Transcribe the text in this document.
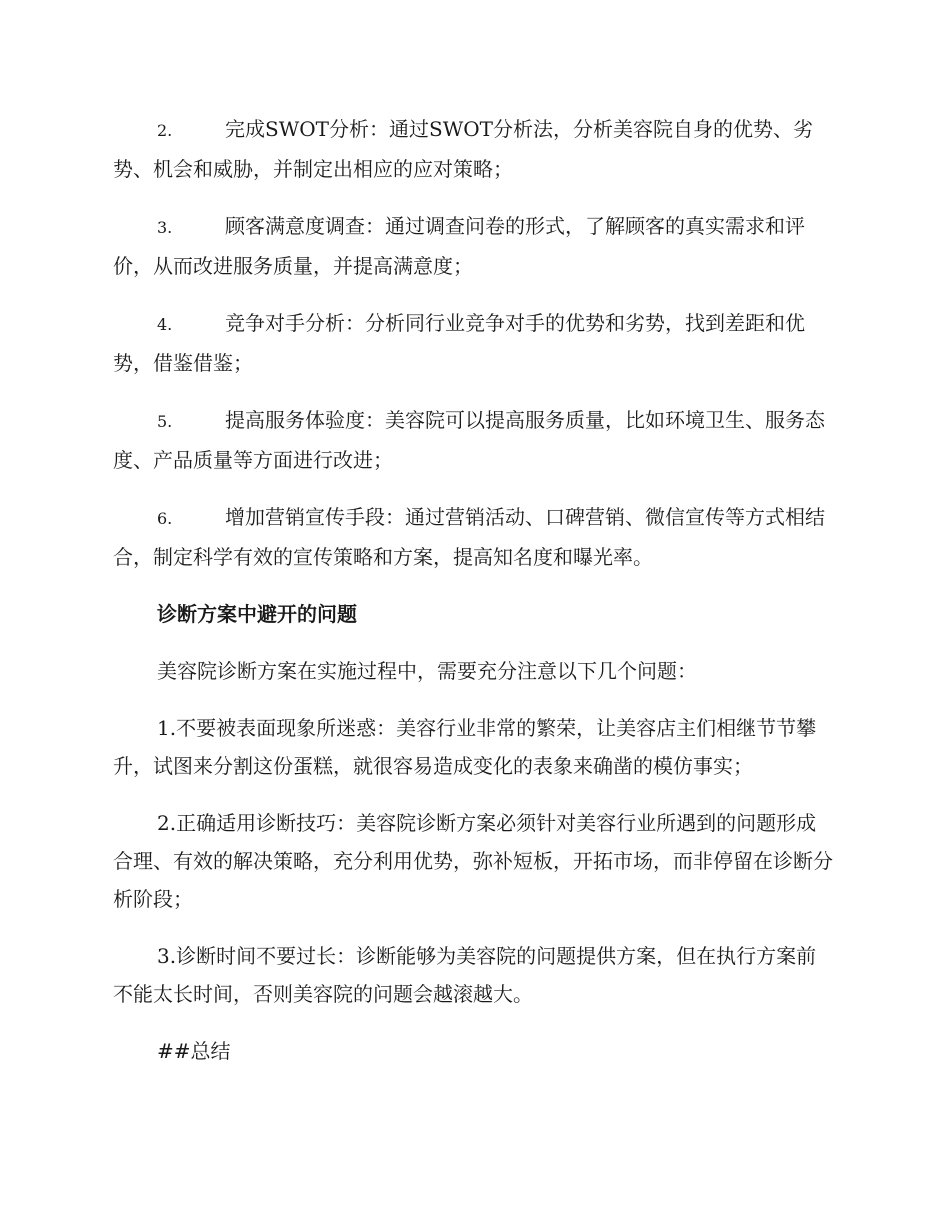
2.	完成SWOT分析：通过SWOT分析法，分析美容院自身的优势、劣势、机会和威胁，并制定出相应的应对策略；

3.	顾客满意度调查：通过调查问卷的形式，了解顾客的真实需求和评价，从而改进服务质量，并提高满意度；

4.	竞争对手分析：分析同行业竞争对手的优势和劣势，找到差距和优势，借鉴借鉴；

5.	提高服务体验度：美容院可以提高服务质量，比如环境卫生、服务态度、产品质量等方面进行改进；

6.	增加营销宣传手段：通过营销活动、口碑营销、微信宣传等方式相结合，制定科学有效的宣传策略和方案，提高知名度和曝光率。

诊断方案中避开的问题

美容院诊断方案在实施过程中，需要充分注意以下几个问题：

1.不要被表面现象所迷惑：美容行业非常的繁荣，让美容店主们相继节节攀升，试图来分割这份蛋糕，就很容易造成变化的表象来确凿的模仿事实；

2.正确适用诊断技巧：美容院诊断方案必须针对美容行业所遇到的问题形成合理、有效的解决策略，充分利用优势，弥补短板，开拓市场，而非停留在诊断分析阶段；

3.诊断时间不要过长：诊断能够为美容院的问题提供方案，但在执行方案前不能太长时间，否则美容院的问题会越滚越大。

##总结
